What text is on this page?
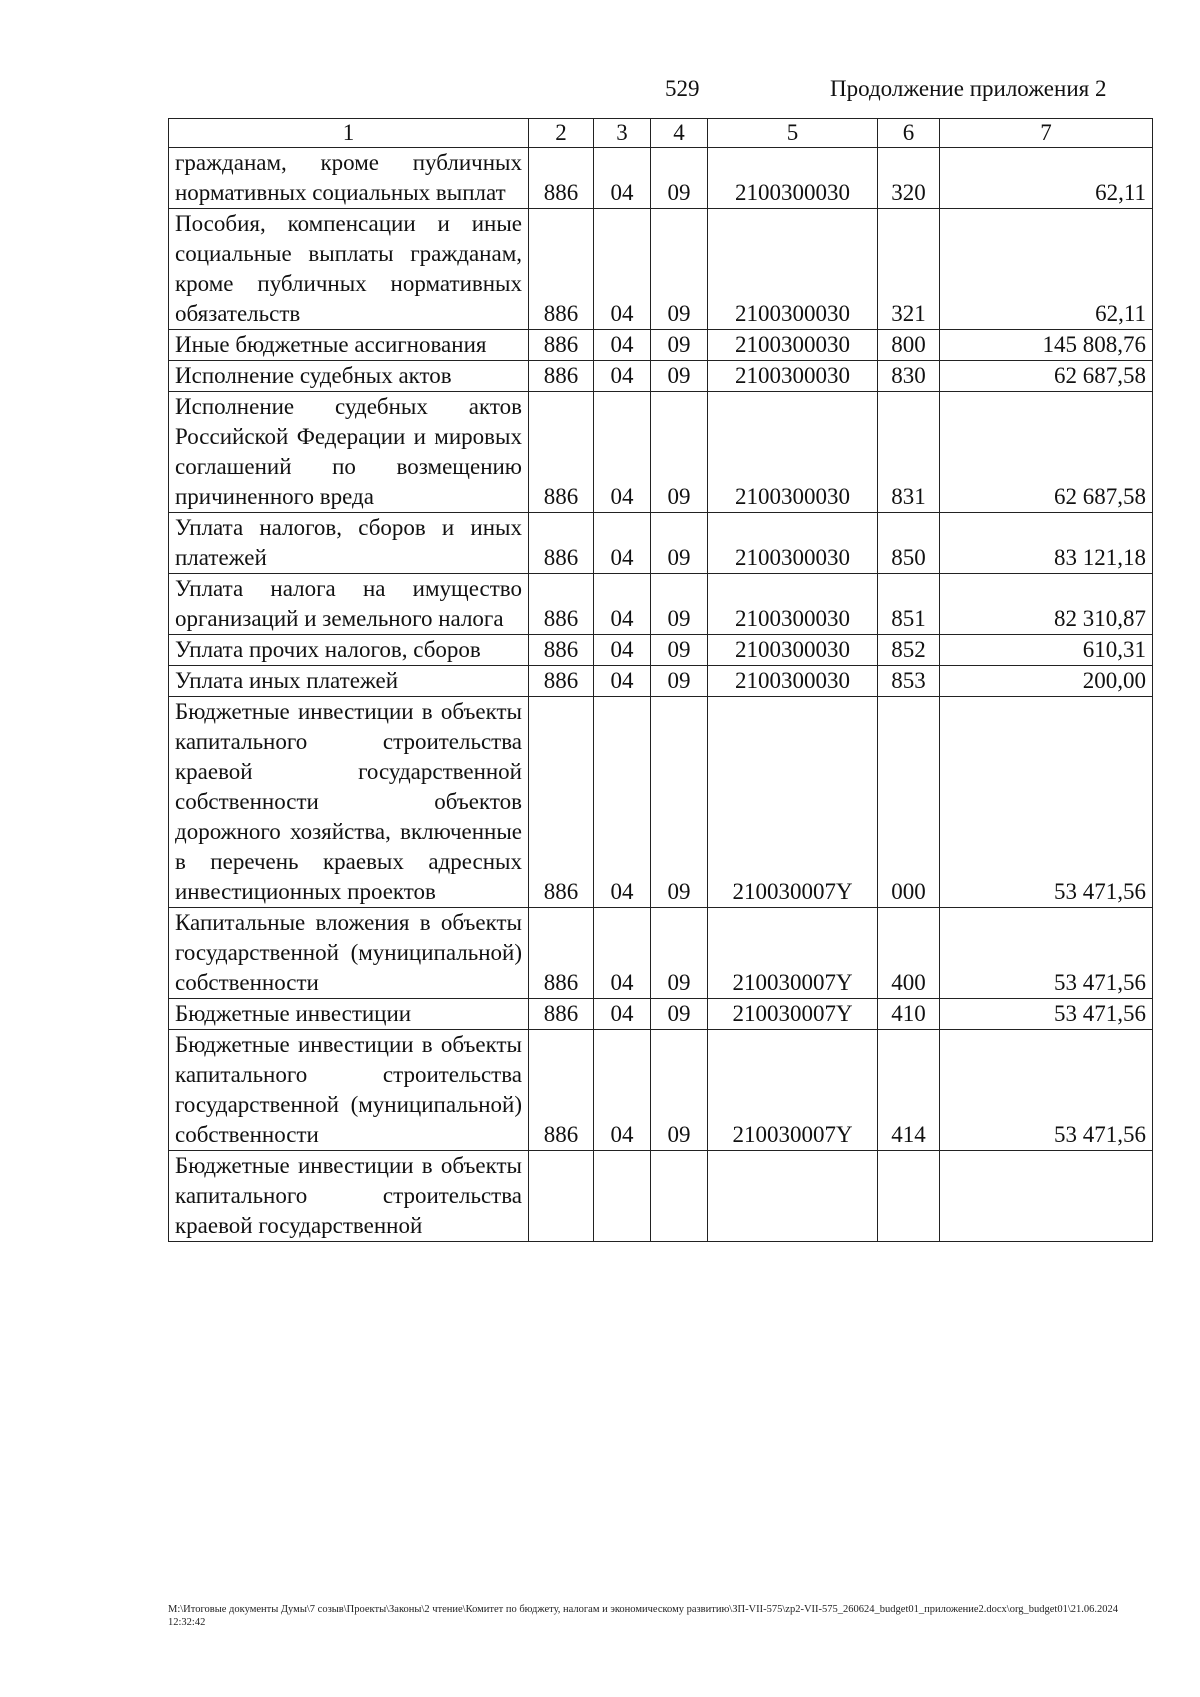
529	Продолжение приложения 2
1	2	3	4	5	6	7
гражданам, кроме публичных нормативных социальных выплат	886	04	09	2100300030	320	62,11
Пособия, компенсации и иные социальные выплаты гражданам, кроме публичных нормативных обязательств	886	04	09	2100300030	321	62,11
Иные бюджетные ассигнования	886	04	09	2100300030	800	145 808,76
Исполнение судебных актов	886	04	09	2100300030	830	62 687,58
Исполнение судебных актов Российской Федерации и мировых соглашений по возмещению причиненного вреда	886	04	09	2100300030	831	62 687,58
Уплата налогов, сборов и иных платежей	886	04	09	2100300030	850	83 121,18
Уплата налога на имущество организаций и земельного налога	886	04	09	2100300030	851	82 310,87
Уплата прочих налогов, сборов	886	04	09	2100300030	852	610,31
Уплата иных платежей	886	04	09	2100300030	853	200,00
Бюджетные инвестиции в объекты капитального строительства краевой государственной собственности объектов дорожного хозяйства, включенные в перечень краевых адресных инвестиционных проектов	886	04	09	210030007Y	000	53 471,56
Капитальные вложения в объекты государственной (муниципальной) собственности	886	04	09	210030007Y	400	53 471,56
Бюджетные инвестиции	886	04	09	210030007Y	410	53 471,56
Бюджетные инвестиции в объекты капитального строительства государственной (муниципальной) собственности	886	04	09	210030007Y	414	53 471,56
Бюджетные инвестиции в объекты капитального строительства краевой государственной						
М:\Итоговые документы Думы\7 созыв\Проекты\Законы\2 чтение\Комитет по бюджету, налогам и экономическому развитию\ЗП-VII-575\zp2-VII-575_260624_budget01_приложение2.docx\org_budget01\21.06.2024 12:32:42
